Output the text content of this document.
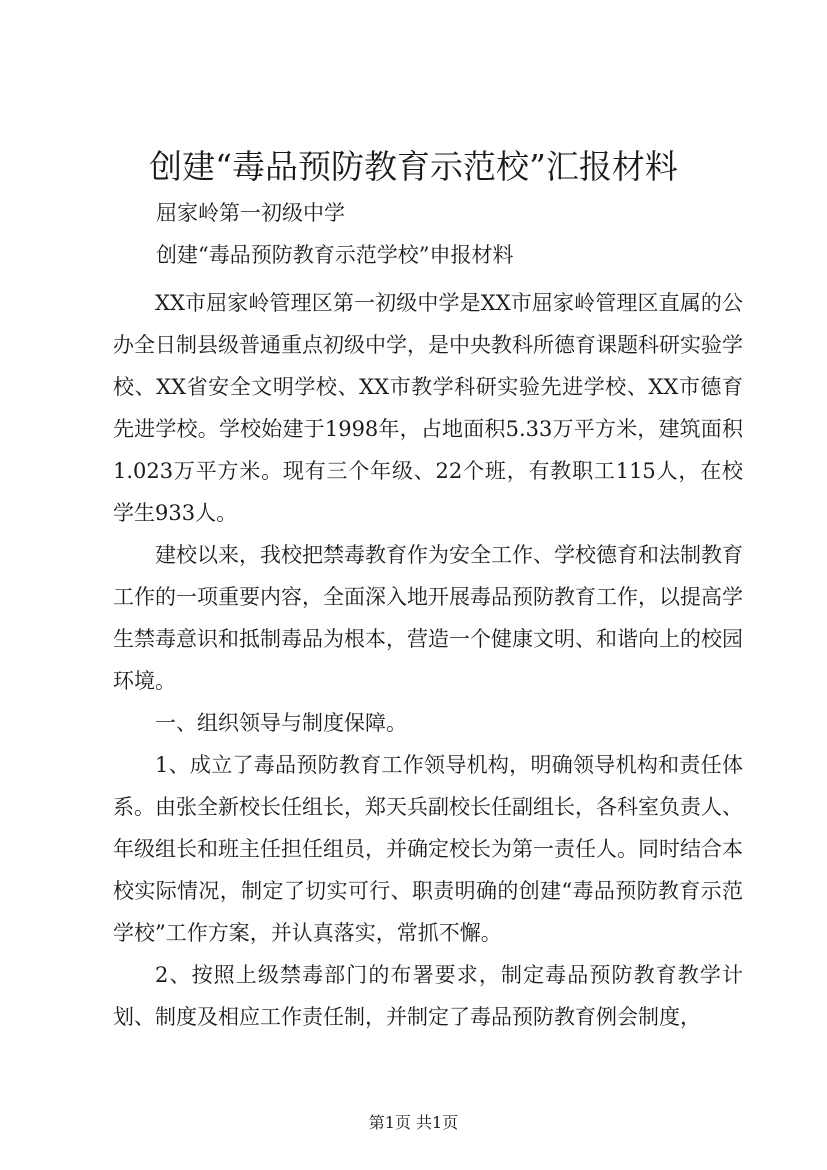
创建“毒品预防教育示范校”汇报材料
屈家岭第一初级中学
创建“毒品预防教育示范学校”申报材料

XX市屈家岭管理区第一初级中学是XX市屈家岭管理区直属的公办全日制县级普通重点初级中学，是中央教科所德育课题科研实验学校、XX省安全文明学校、XX市教学科研实验先进学校、XX市德育先进学校。学校始建于1998年，占地面积5.33万平方米，建筑面积1.023万平方米。现有三个年级、22个班，有教职工115人，在校学生933人。

建校以来，我校把禁毒教育作为安全工作、学校德育和法制教育工作的一项重要内容，全面深入地开展毒品预防教育工作，以提高学生禁毒意识和抵制毒品为根本，营造一个健康文明、和谐向上的校园环境。

一、组织领导与制度保障。

1、成立了毒品预防教育工作领导机构，明确领导机构和责任体系。由张全新校长任组长，郑天兵副校长任副组长，各科室负责人、年级组长和班主任担任组员，并确定校长为第一责任人。同时结合本校实际情况，制定了切实可行、职责明确的创建“毒品预防教育示范学校”工作方案，并认真落实，常抓不懈。

2、按照上级禁毒部门的布署要求，制定毒品预防教育教学计划、制度及相应工作责任制，并制定了毒品预防教育例会制度，

第1页 共1页
